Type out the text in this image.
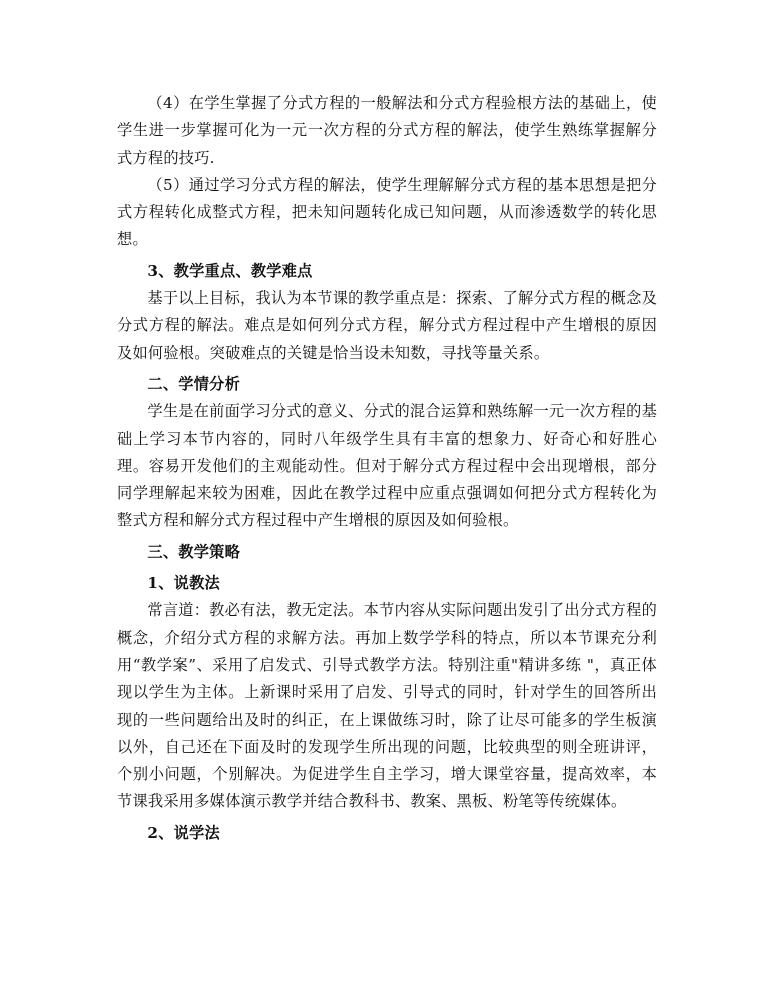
（4）在学生掌握了分式方程的一般解法和分式方程验根方法的基础上，使学生进一步掌握可化为一元一次方程的分式方程的解法，使学生熟练掌握解分式方程的技巧.

（5）通过学习分式方程的解法，使学生理解解分式方程的基本思想是把分式方程转化成整式方程，把未知问题转化成已知问题，从而渗透数学的转化思想。

3、教学重点、教学难点

基于以上目标，我认为本节课的教学重点是：探索、了解分式方程的概念及分式方程的解法。难点是如何列分式方程，解分式方程过程中产生增根的原因及如何验根。突破难点的关键是恰当设未知数，寻找等量关系。

二、学情分析

学生是在前面学习分式的意义、分式的混合运算和熟练解一元一次方程的基础上学习本节内容的，同时八年级学生具有丰富的想象力、好奇心和好胜心理。容易开发他们的主观能动性。但对于解分式方程过程中会出现增根，部分同学理解起来较为困难，因此在教学过程中应重点强调如何把分式方程转化为整式方程和解分式方程过程中产生增根的原因及如何验根。

三、教学策略

1、说教法

常言道：教必有法，教无定法。本节内容从实际问题出发引了出分式方程的概念，介绍分式方程的求解方法。再加上数学学科的特点，所以本节课充分利用“教学案”、采用了启发式、引导式教学方法。特别注重"精讲多练 "，真正体现以学生为主体。上新课时采用了启发、引导式的同时，针对学生的回答所出现的一些问题给出及时的纠正，在上课做练习时，除了让尽可能多的学生板演以外，自己还在下面及时的发现学生所出现的问题，比较典型的则全班讲评，个别小问题，个别解决。为促进学生自主学习，增大课堂容量，提高效率，本节课我采用多媒体演示教学并结合教科书、教案、黑板、粉笔等传统媒体。

2、说学法
